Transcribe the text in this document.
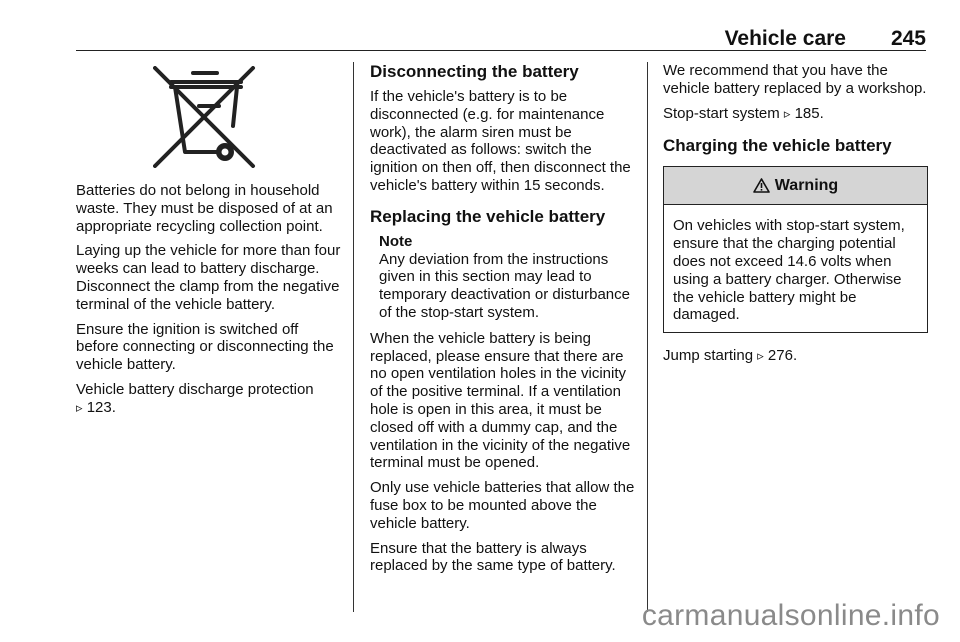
Vehicle care 245

Batteries do not belong in household waste. They must be disposed of at an appropriate recycling collection point.

Laying up the vehicle for more than four weeks can lead to battery discharge. Disconnect the clamp from the negative terminal of the vehicle battery.

Ensure the ignition is switched off before connecting or disconnecting the vehicle battery.

Vehicle battery discharge protection
▹ 123.

Disconnecting the battery

If the vehicle's battery is to be disconnected (e.g. for maintenance work), the alarm siren must be deactivated as follows: switch the ignition on then off, then disconnect the vehicle's battery within 15 seconds.

Replacing the vehicle battery
Note

Any deviation from the instructions given in this section may lead to temporary deactivation or disturbance of the stop-start system.

When the vehicle battery is being replaced, please ensure that there are no open ventilation holes in the vicinity of the positive terminal. If a ventilation hole is open in this area, it must be closed off with a dummy cap, and the ventilation in the vicinity of the negative terminal must be opened.

Only use vehicle batteries that allow the fuse box to be mounted above the vehicle battery.

Ensure that the battery is always replaced by the same type of battery.

We recommend that you have the vehicle battery replaced by a workshop.

Stop-start system ▹ 185.

Charging the vehicle battery
Warning

On vehicles with stop-start system, ensure that the charging potential does not exceed 14.6 volts when using a battery charger. Otherwise the vehicle battery might be damaged.

Jump starting ▹ 276.

carmanualsonline.info
